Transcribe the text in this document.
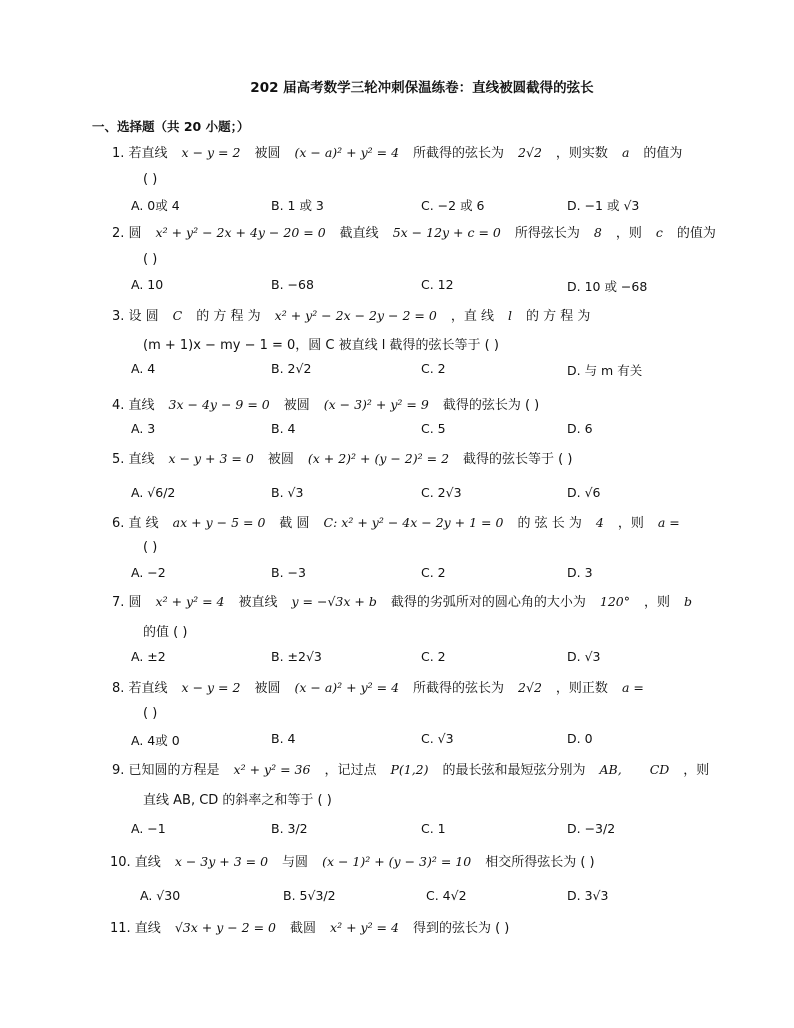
202 届高考数学三轮冲刺保温练卷：直线被圆截得的弦长
一、选择题（共 20 小题；）
1. 若直线 x − y = 2 被圆 (x − a)² + y² = 4 所截得的弦长为 2√2 ，则实数 a 的值为
( )
A. 0或 4	B. 1 或 3	C. −2 或 6	D. −1 或 √3
2. 圆 x² + y² − 2x + 4y − 20 = 0 截直线 5x − 12y + c = 0 所得弦长为 8 ，则 c 的值为
( )
A. 10	B. −68	C. 12	D. 10 或 −68
3. 设 圆 C 的 方 程 为 x² + y² − 2x − 2y − 2 = 0 ，直 线 l 的 方 程 为
(m + 1)x − my − 1 = 0，圆 C 被直线 l 截得的弦长等于 ( )
A. 4	B. 2√2	C. 2	D. 与 m 有关
4. 直线 3x − 4y − 9 = 0 被圆 (x − 3)² + y² = 9 截得的弦长为 ( )
A. 3	B. 4	C. 5	D. 6
5. 直线 x − y + 3 = 0 被圆 (x + 2)² + (y − 2)² = 2 截得的弦长等于 ( )
A. √6/2	B. √3	C. 2√3	D. √6
6. 直 线 ax + y − 5 = 0 截 圆 C: x² + y² − 4x − 2y + 1 = 0 的 弦 长 为 4 ，则 a =
( )
A. −2	B. −3	C. 2	D. 3
7. 圆 x² + y² = 4 被直线 y = −√3x + b 截得的劣弧所对的圆心角的大小为 120° ，则 b
的值 ( )
A. ±2	B. ±2√3	C. 2	D. √3
8. 若直线 x − y = 2 被圆 (x − a)² + y² = 4 所截得的弦长为 2√2 ，则正数 a =
( )
A. 4或 0	B. 4	C. √3	D. 0
9. 已知圆的方程是 x² + y² = 36 ，记过点 P(1,2) 的最长弦和最短弦分别为 AB, CD ，则
直线 AB, CD 的斜率之和等于 ( )
A. −1	B. 3/2	C. 1	D. −3/2
10. 直线 x − 3y + 3 = 0 与圆 (x − 1)² + (y − 3)² = 10 相交所得弦长为 ( )
A. √30	B. 5√3/2	C. 4√2	D. 3√3
11. 直线 √3x + y − 2 = 0 截圆 x² + y² = 4 得到的弦长为 ( )
